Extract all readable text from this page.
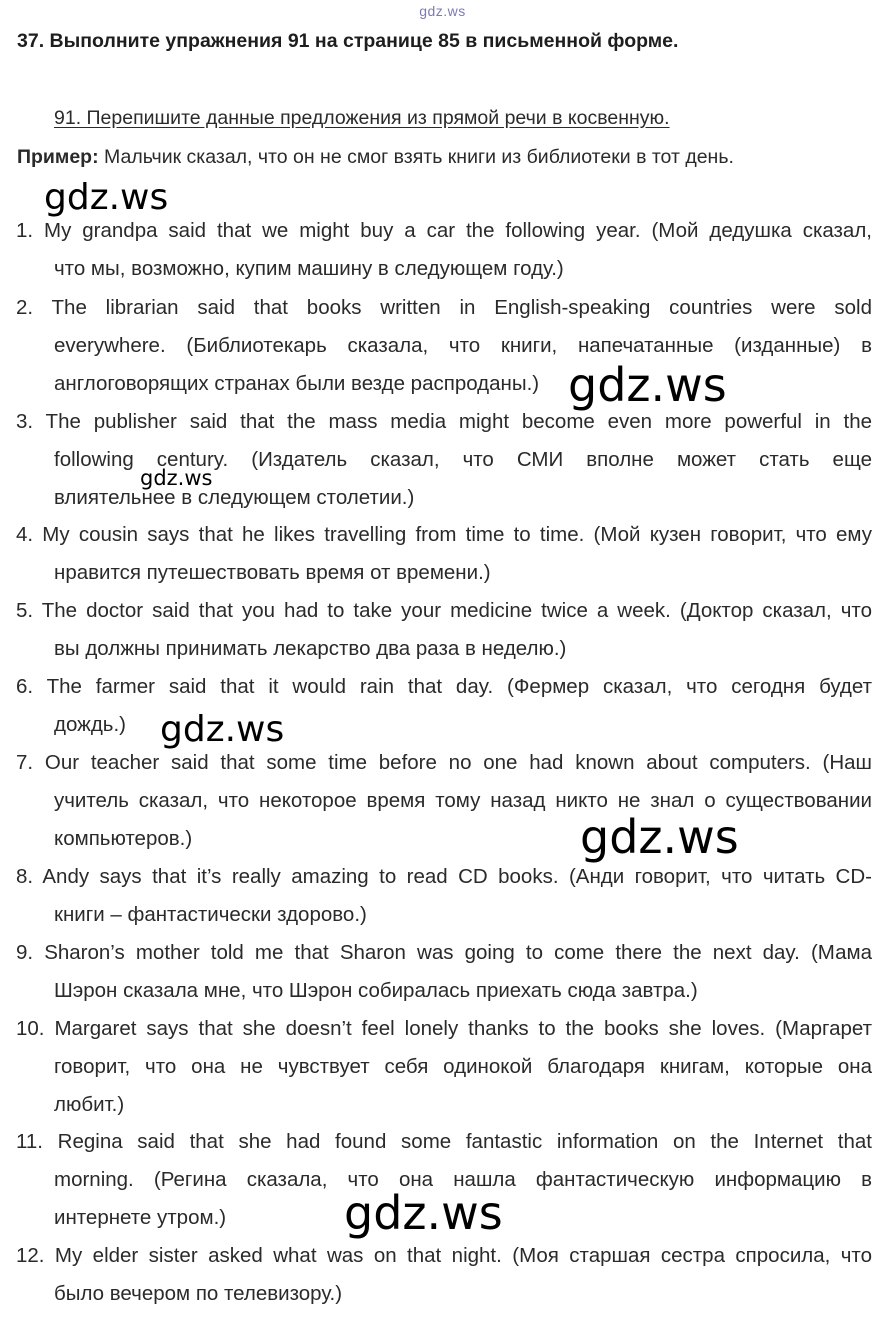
gdz.ws
37. Выполните упражнения 91 на странице 85 в письменной форме.
91. Перепишите данные предложения из прямой речи в косвенную.
Пример: Мальчик сказал, что он не смог взять книги из библиотеки в тот день.
1. My grandpa said that we might buy a car the following year. (Мой дедушка сказал,
что мы, возможно, купим машину в следующем году.)
2. The librarian said that books written in English-speaking countries were sold
everywhere. (Библиотекарь сказала, что книги, напечатанные (изданные) в
англоговорящих странах были везде распроданы.)
3. The publisher said that the mass media might become even more powerful in the
following century. (Издатель сказал, что СМИ вполне может стать еще
влиятельнее в следующем столетии.)
4. My cousin says that he likes travelling from time to time. (Мой кузен говорит, что ему
нравится путешествовать время от времени.)
5. The doctor said that you had to take your medicine twice a week. (Доктор сказал, что
вы должны принимать лекарство два раза в неделю.)
6. The farmer said that it would rain that day. (Фермер сказал, что сегодня будет
дождь.)
7. Our teacher said that some time before no one had known about computers. (Наш
учитель сказал, что некоторое время тому назад никто не знал о существовании
компьютеров.)
8. Andy says that it’s really amazing to read CD books. (Анди говорит, что читать CD-
книги – фантастически здорово.)
9. Sharon’s mother told me that Sharon was going to come there the next day. (Мама
Шэрон сказала мне, что Шэрон собиралась приехать сюда завтра.)
10. Margaret says that she doesn’t feel lonely thanks to the books she loves. (Маргарет
говорит, что она не чувствует себя одинокой благодаря книгам, которые она
любит.)
11. Regina said that she had found some fantastic information on the Internet that
morning. (Регина сказала, что она нашла фантастическую информацию в
интернете утром.)
12. My elder sister asked what was on that night. (Моя старшая сестра спросила, что
было вечером по телевизору.)
gdz.ws
gdz.ws
gdz.ws
gdz.ws
gdz.ws
gdz.ws
